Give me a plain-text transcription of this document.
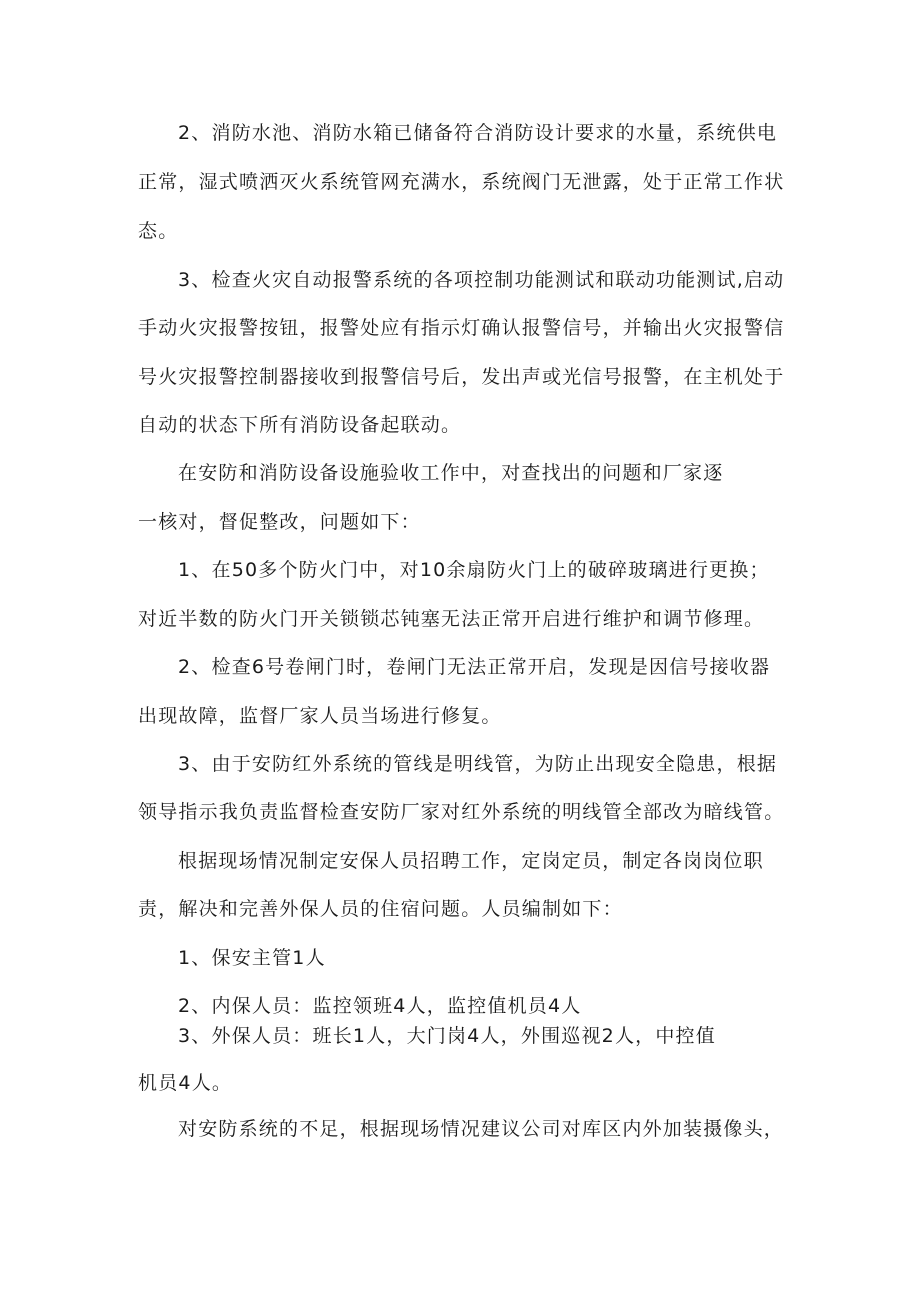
2、消防水池、消防水箱已储备符合消防设计要求的水量，系统供电
正常，湿式喷洒灭火系统管网充满水，系统阀门无泄露，处于正常工作状
态。
3、检查火灾自动报警系统的各项控制功能测试和联动功能测试,启动
手动火灾报警按钮，报警处应有指示灯确认报警信号，并输出火灾报警信
号火灾报警控制器接收到报警信号后，发出声或光信号报警，在主机处于
自动的状态下所有消防设备起联动。
在安防和消防设备设施验收工作中，对查找出的问题和厂家逐
一核对，督促整改，问题如下：
1、在50多个防火门中，对10余扇防火门上的破碎玻璃进行更换；
对近半数的防火门开关锁锁芯钝塞无法正常开启进行维护和调节修理。
2、检查6号卷闸门时，卷闸门无法正常开启，发现是因信号接收器
出现故障，监督厂家人员当场进行修复。
3、由于安防红外系统的管线是明线管，为防止出现安全隐患，根据
领导指示我负责监督检查安防厂家对红外系统的明线管全部改为暗线管。
根据现场情况制定安保人员招聘工作，定岗定员，制定各岗岗位职
责，解决和完善外保人员的住宿问题。人员编制如下：
1、保安主管1人
2、内保人员：监控领班4人，监控值机员4人
3、外保人员：班长1人，大门岗4人，外围巡视2人，中控值
机员4人。
对安防系统的不足，根据现场情况建议公司对库区内外加装摄像头，
